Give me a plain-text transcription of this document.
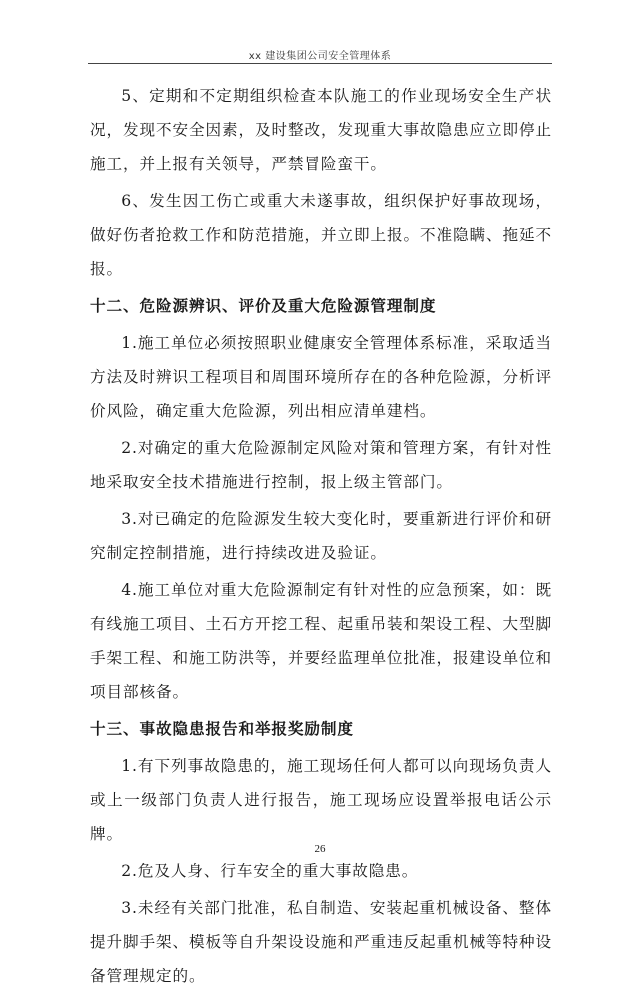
xx 建设集团公司安全管理体系

5、定期和不定期组织检查本队施工的作业现场安全生产状况，发现不安全因素，及时整改，发现重大事故隐患应立即停止施工，并上报有关领导，严禁冒险蛮干。

6、发生因工伤亡或重大未遂事故，组织保护好事故现场，做好伤者抢救工作和防范措施，并立即上报。不准隐瞒、拖延不报。

十二、危险源辨识、评价及重大危险源管理制度

1.施工单位必须按照职业健康安全管理体系标准，采取适当方法及时辨识工程项目和周围环境所存在的各种危险源，分析评价风险，确定重大危险源，列出相应清单建档。

2.对确定的重大危险源制定风险对策和管理方案，有针对性地采取安全技术措施进行控制，报上级主管部门。

3.对已确定的危险源发生较大变化时，要重新进行评价和研究制定控制措施，进行持续改进及验证。

4.施工单位对重大危险源制定有针对性的应急预案，如：既有线施工项目、土石方开挖工程、起重吊装和架设工程、大型脚手架工程、和施工防洪等，并要经监理单位批准，报建设单位和项目部核备。

十三、事故隐患报告和举报奖励制度

1.有下列事故隐患的，施工现场任何人都可以向现场负责人或上一级部门负责人进行报告，施工现场应设置举报电话公示牌。

2.危及人身、行车安全的重大事故隐患。

3.未经有关部门批准，私自制造、安装起重机械设备、整体提升脚手架、模板等自升架设设施和严重违反起重机械等特种设备管理规定的。

26
